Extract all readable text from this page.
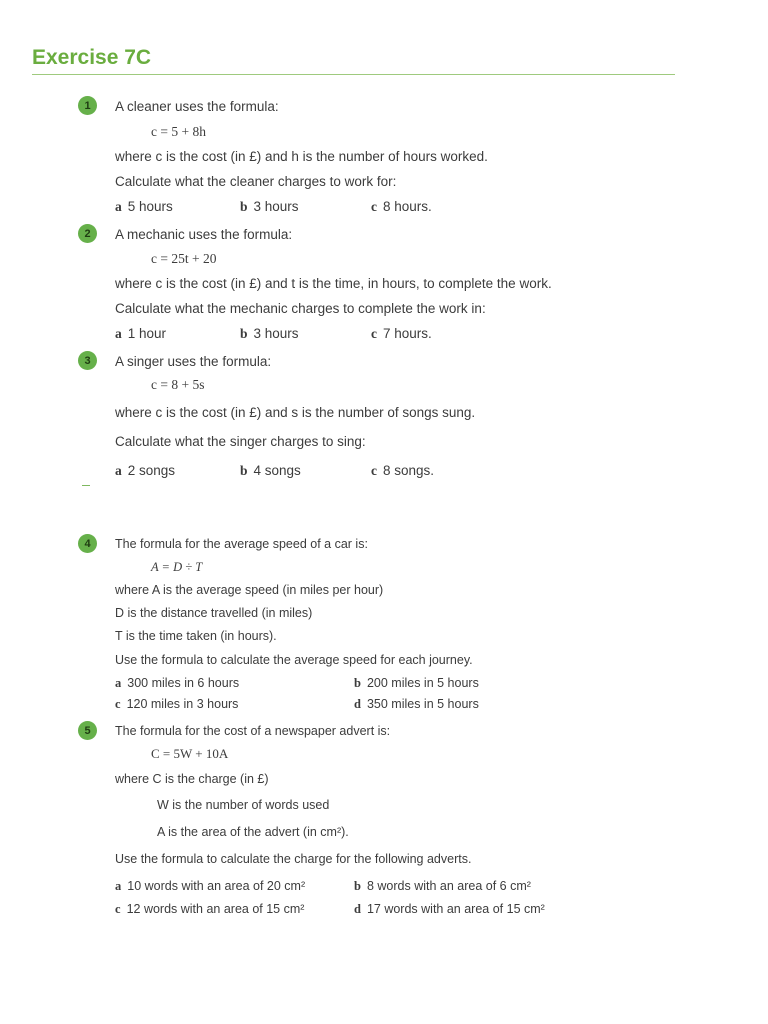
Exercise 7C
1	A cleaner uses the formula:
c = 5 + 8h
where c is the cost (in £) and h is the number of hours worked.
Calculate what the cleaner charges to work for:
a 5 hours	b 3 hours	c 8 hours.
2	A mechanic uses the formula:
c = 25t + 20
where c is the cost (in £) and t is the time, in hours, to complete the work.
Calculate what the mechanic charges to complete the work in:
a 1 hour	b 3 hours	c 7 hours.
3	A singer uses the formula:
c = 8 + 5s
where c is the cost (in £) and s is the number of songs sung.
Calculate what the singer charges to sing:
a 2 songs	b 4 songs	c 8 songs.
4	The formula for the average speed of a car is:
A = D ÷ T
where A is the average speed (in miles per hour)
D is the distance travelled (in miles)
T is the time taken (in hours).
Use the formula to calculate the average speed for each journey.
a 300 miles in 6 hours	b 200 miles in 5 hours
c 120 miles in 3 hours	d 350 miles in 5 hours
5	The formula for the cost of a newspaper advert is:
C = 5W + 10A
where C is the charge (in £)
W is the number of words used
A is the area of the advert (in cm²).
Use the formula to calculate the charge for the following adverts.
a 10 words with an area of 20 cm²	b 8 words with an area of 6 cm²
c 12 words with an area of 15 cm²	d 17 words with an area of 15 cm²
